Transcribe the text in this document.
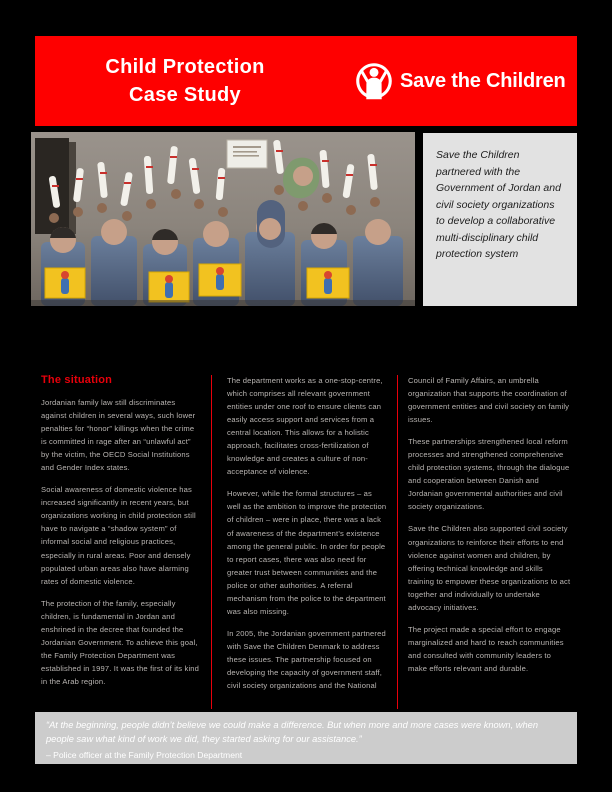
Child Protection
Case Study
Save the Children
Save the Children partnered with the Government of Jordan and civil society organizations to develop a collaborative multi-disciplinary child protection system
The situation

Jordanian family law still discriminates against children in several ways, such lower penalties for “honor” killings when the crime is committed in rage after an “unlawful act” by the victim, the OECD Social Institutions and Gender Index states.

Social awareness of domestic violence has increased significantly in recent years, but organizations working in child protection still have to navigate a “shadow system” of informal social and religious practices, especially in rural areas. Poor and densely populated urban areas also have alarming rates of domestic violence.

The protection of the family, especially children, is fundamental in Jordan and enshrined in the decree that founded the Jordanian Government. To achieve this goal, the Family Protection Department was established in 1997. It was the first of its kind in the Arab region.

The department works as a one-stop-centre, which comprises all relevant government entities under one roof to ensure clients can easily access support and services from a central location. This allows for a holistic approach, facilitates cross-fertilization of knowledge and creates a culture of non-acceptance of violence.

However, while the formal structures – as well as the ambition to improve the protection of children – were in place, there was a lack of awareness of the department’s existence among the general public. In order for people to report cases, there was also need for greater trust between communities and the police or other authorities. A referral mechanism from the police to the department was also missing.

In 2005, the Jordanian government partnered with Save the Children Denmark to address these issues. The partnership focused on developing the capacity of government staff, civil society organizations and the National

Council of Family Affairs, an umbrella organization that supports the coordination of government entities and civil society on family issues.

These partnerships strengthened local reform processes and strengthened comprehensive child protection systems, through the dialogue and cooperation between Danish and Jordanian governmental authorities and civil society organizations.

Save the Children also supported civil society organizations to reinforce their efforts to end violence against women and children, by offering technical knowledge and skills training to empower these organizations to act together and individually to undertake advocacy initiatives.

The project made a special effort to engage marginalized and hard to reach communities and consulted with community leaders to make efforts relevant and durable.

“At the beginning, people didn’t believe we could make a difference. But when more and more cases were known, when people saw what kind of work we did, they started asking for our assistance.”
– Police officer at the Family Protection Department
